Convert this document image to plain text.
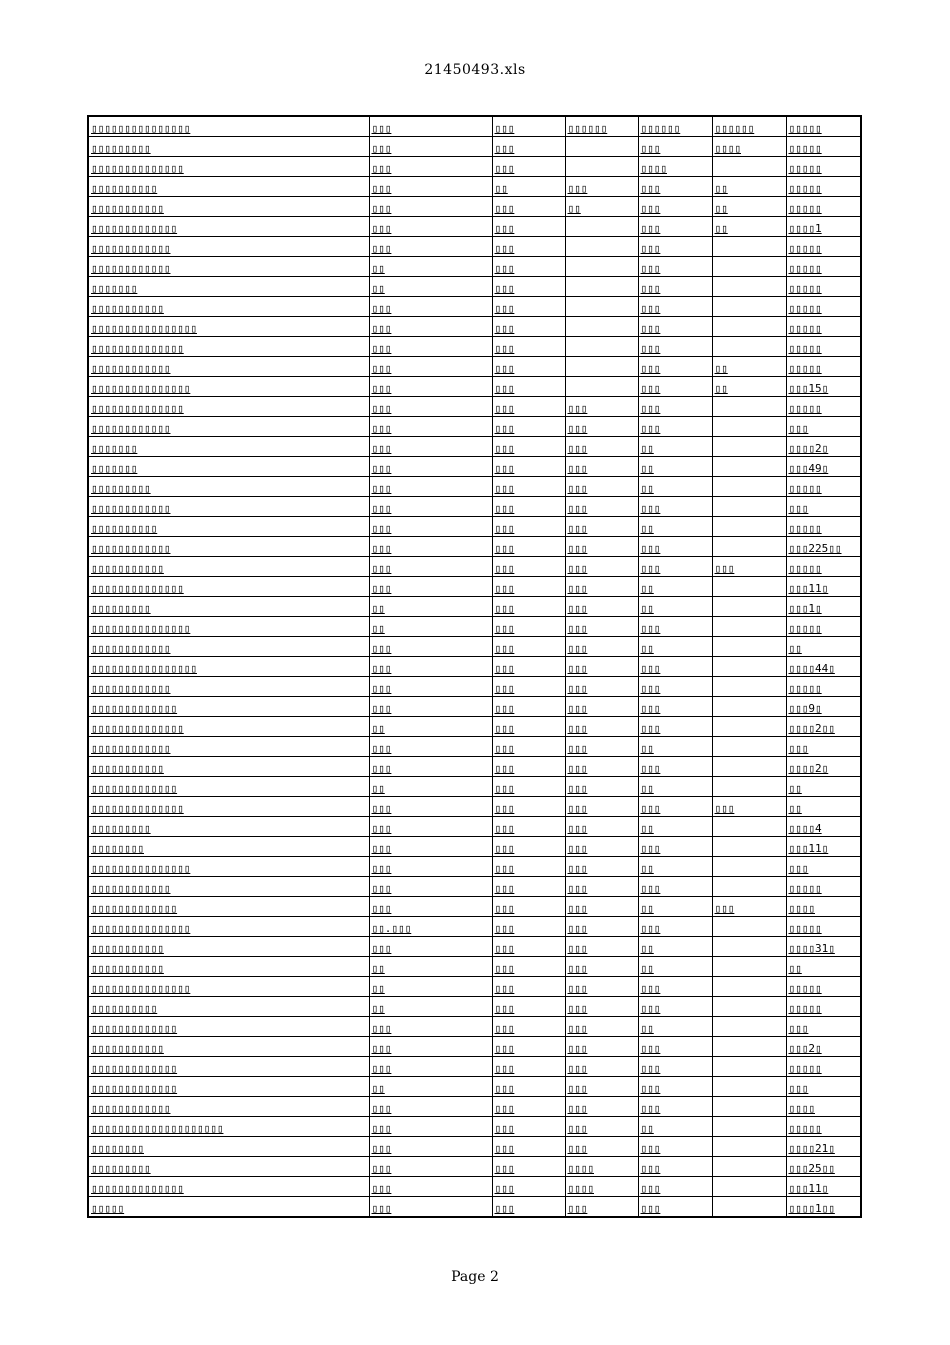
21450493.xls
▯▯▯▯▯▯▯▯▯▯▯▯▯▯▯	▯▯▯	▯▯▯	▯▯▯▯▯▯	▯▯▯▯▯▯	▯▯▯▯▯▯	▯▯▯▯▯
▯▯▯▯▯▯▯▯▯	▯▯▯	▯▯▯		▯▯▯	▯▯▯▯	▯▯▯▯▯
▯▯▯▯▯▯▯▯▯▯▯▯▯▯	▯▯▯	▯▯▯		▯▯▯▯		▯▯▯▯▯
▯▯▯▯▯▯▯▯▯▯	▯▯▯	▯▯	▯▯▯	▯▯▯	▯▯	▯▯▯▯▯
▯▯▯▯▯▯▯▯▯▯▯	▯▯▯	▯▯▯	▯▯	▯▯▯	▯▯	▯▯▯▯▯
▯▯▯▯▯▯▯▯▯▯▯▯▯	▯▯▯	▯▯▯		▯▯▯	▯▯	▯▯▯▯1
▯▯▯▯▯▯▯▯▯▯▯▯	▯▯▯	▯▯▯		▯▯▯		▯▯▯▯▯
▯▯▯▯▯▯▯▯▯▯▯▯	▯▯	▯▯▯		▯▯▯		▯▯▯▯▯
▯▯▯▯▯▯▯	▯▯	▯▯▯		▯▯▯		▯▯▯▯▯
▯▯▯▯▯▯▯▯▯▯▯	▯▯▯	▯▯▯		▯▯▯		▯▯▯▯▯
▯▯▯▯▯▯▯▯▯▯▯▯▯▯▯▯	▯▯▯	▯▯▯		▯▯▯		▯▯▯▯▯
▯▯▯▯▯▯▯▯▯▯▯▯▯▯	▯▯▯	▯▯▯		▯▯▯		▯▯▯▯▯
▯▯▯▯▯▯▯▯▯▯▯▯	▯▯▯	▯▯▯		▯▯▯	▯▯	▯▯▯▯▯
▯▯▯▯▯▯▯▯▯▯▯▯▯▯▯	▯▯▯	▯▯▯		▯▯▯	▯▯	▯▯▯15▯
▯▯▯▯▯▯▯▯▯▯▯▯▯▯	▯▯▯	▯▯▯	▯▯▯	▯▯▯		▯▯▯▯▯
▯▯▯▯▯▯▯▯▯▯▯▯	▯▯▯	▯▯▯	▯▯▯	▯▯▯		▯▯▯
▯▯▯▯▯▯▯	▯▯▯	▯▯▯	▯▯▯	▯▯		▯▯▯▯2▯
▯▯▯▯▯▯▯	▯▯▯	▯▯▯	▯▯▯	▯▯		▯▯▯49▯
▯▯▯▯▯▯▯▯▯	▯▯▯	▯▯▯	▯▯▯	▯▯		▯▯▯▯▯
▯▯▯▯▯▯▯▯▯▯▯▯	▯▯▯	▯▯▯	▯▯▯	▯▯▯		▯▯▯
▯▯▯▯▯▯▯▯▯▯	▯▯▯	▯▯▯	▯▯▯	▯▯		▯▯▯▯▯
▯▯▯▯▯▯▯▯▯▯▯▯	▯▯▯	▯▯▯	▯▯▯	▯▯▯		▯▯▯225▯▯
▯▯▯▯▯▯▯▯▯▯▯	▯▯▯	▯▯▯	▯▯▯	▯▯▯	▯▯▯	▯▯▯▯▯
▯▯▯▯▯▯▯▯▯▯▯▯▯▯	▯▯▯	▯▯▯	▯▯▯	▯▯		▯▯▯11▯
▯▯▯▯▯▯▯▯▯	▯▯	▯▯▯	▯▯▯	▯▯		▯▯▯1▯
▯▯▯▯▯▯▯▯▯▯▯▯▯▯▯	▯▯	▯▯▯	▯▯▯	▯▯▯		▯▯▯▯▯
▯▯▯▯▯▯▯▯▯▯▯▯	▯▯▯	▯▯▯	▯▯▯	▯▯		▯▯
▯▯▯▯▯▯▯▯▯▯▯▯▯▯▯▯	▯▯▯	▯▯▯	▯▯▯	▯▯▯		▯▯▯▯44▯
▯▯▯▯▯▯▯▯▯▯▯▯	▯▯▯	▯▯▯	▯▯▯	▯▯▯		▯▯▯▯▯
▯▯▯▯▯▯▯▯▯▯▯▯▯	▯▯▯	▯▯▯	▯▯▯	▯▯▯		▯▯▯9▯
▯▯▯▯▯▯▯▯▯▯▯▯▯▯	▯▯	▯▯▯	▯▯▯	▯▯▯		▯▯▯▯2▯▯
▯▯▯▯▯▯▯▯▯▯▯▯	▯▯▯	▯▯▯	▯▯▯	▯▯		▯▯▯
▯▯▯▯▯▯▯▯▯▯▯	▯▯▯	▯▯▯	▯▯▯	▯▯▯		▯▯▯▯2▯
▯▯▯▯▯▯▯▯▯▯▯▯▯	▯▯	▯▯▯	▯▯▯	▯▯		▯▯
▯▯▯▯▯▯▯▯▯▯▯▯▯▯	▯▯▯	▯▯▯	▯▯▯	▯▯▯	▯▯▯	▯▯
▯▯▯▯▯▯▯▯▯	▯▯▯	▯▯▯	▯▯▯	▯▯		▯▯▯▯4
▯▯▯▯▯▯▯▯	▯▯▯	▯▯▯	▯▯▯	▯▯▯		▯▯▯11▯
▯▯▯▯▯▯▯▯▯▯▯▯▯▯▯	▯▯▯	▯▯▯	▯▯▯	▯▯		▯▯▯
▯▯▯▯▯▯▯▯▯▯▯▯	▯▯▯	▯▯▯	▯▯▯	▯▯▯		▯▯▯▯▯
▯▯▯▯▯▯▯▯▯▯▯▯▯	▯▯▯	▯▯▯	▯▯▯	▯▯	▯▯▯	▯▯▯▯
▯▯▯▯▯▯▯▯▯▯▯▯▯▯▯	▯▯.▯▯▯	▯▯▯	▯▯▯	▯▯▯		▯▯▯▯▯
▯▯▯▯▯▯▯▯▯▯▯	▯▯▯	▯▯▯	▯▯▯	▯▯		▯▯▯▯31▯
▯▯▯▯▯▯▯▯▯▯▯	▯▯	▯▯▯	▯▯▯	▯▯		▯▯
▯▯▯▯▯▯▯▯▯▯▯▯▯▯▯	▯▯	▯▯▯	▯▯▯	▯▯▯		▯▯▯▯▯
▯▯▯▯▯▯▯▯▯▯	▯▯	▯▯▯	▯▯▯	▯▯▯		▯▯▯▯▯
▯▯▯▯▯▯▯▯▯▯▯▯▯	▯▯▯	▯▯▯	▯▯▯	▯▯		▯▯▯
▯▯▯▯▯▯▯▯▯▯▯	▯▯▯	▯▯▯	▯▯▯	▯▯▯		▯▯▯2▯
▯▯▯▯▯▯▯▯▯▯▯▯▯	▯▯▯	▯▯▯	▯▯▯	▯▯▯		▯▯▯▯▯
▯▯▯▯▯▯▯▯▯▯▯▯▯	▯▯	▯▯▯	▯▯▯	▯▯▯		▯▯▯
▯▯▯▯▯▯▯▯▯▯▯▯	▯▯▯	▯▯▯	▯▯▯	▯▯▯		▯▯▯▯
▯▯▯▯▯▯▯▯▯▯▯▯▯▯▯▯▯▯▯▯	▯▯▯	▯▯▯	▯▯▯	▯▯		▯▯▯▯▯
▯▯▯▯▯▯▯▯	▯▯▯	▯▯▯	▯▯▯	▯▯▯		▯▯▯▯21▯
▯▯▯▯▯▯▯▯▯	▯▯▯	▯▯▯	▯▯▯▯	▯▯▯		▯▯▯25▯▯
▯▯▯▯▯▯▯▯▯▯▯▯▯▯	▯▯▯	▯▯▯	▯▯▯▯	▯▯▯		▯▯▯11▯
▯▯▯▯▯	▯▯▯	▯▯▯	▯▯▯	▯▯▯		▯▯▯▯1▯▯
Page 2
